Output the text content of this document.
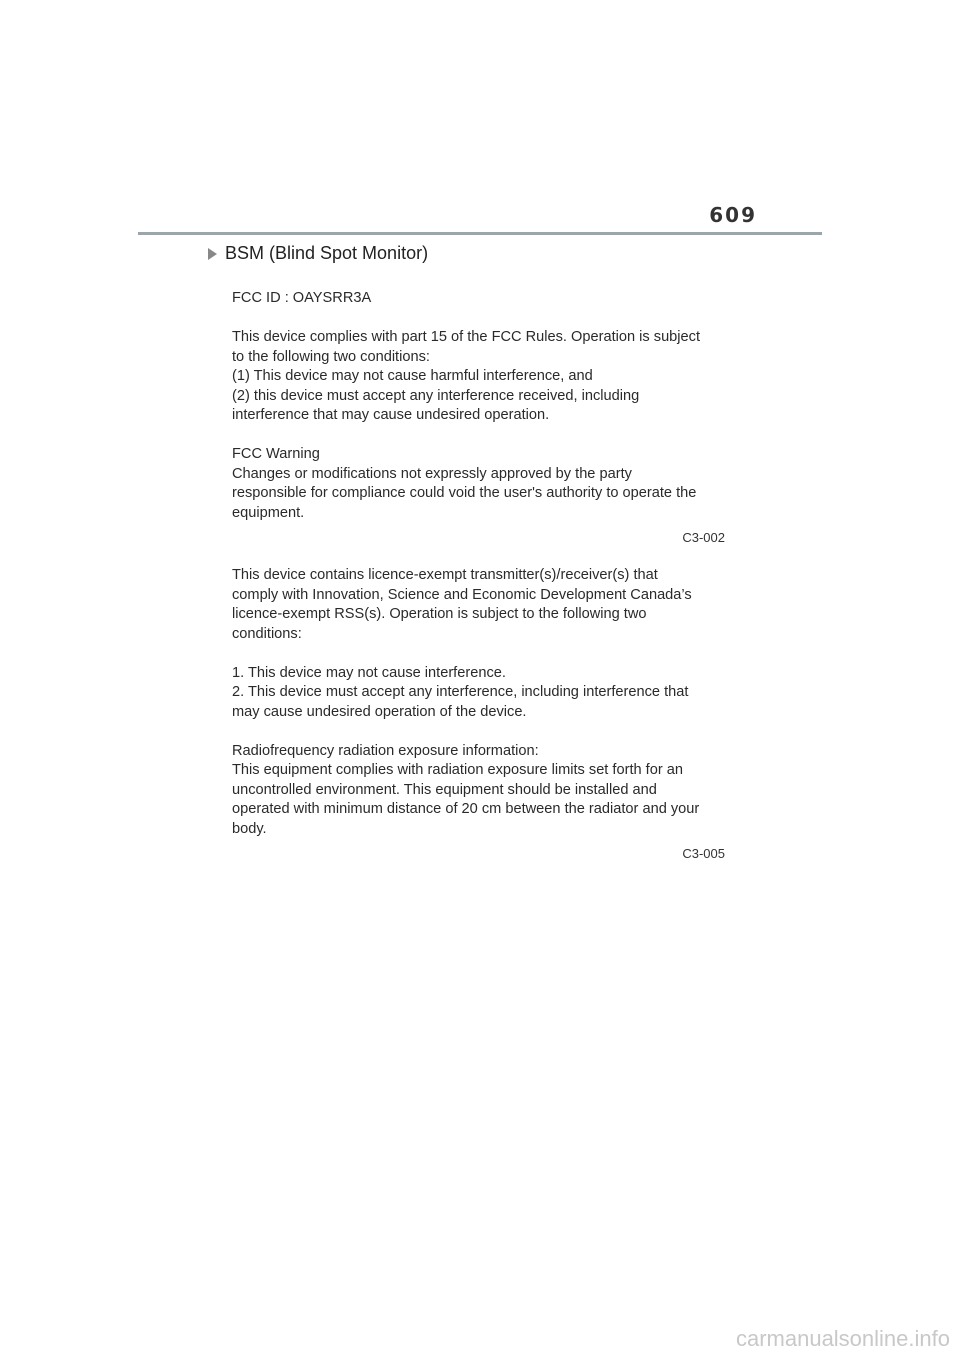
609
BSM (Blind Spot Monitor)

FCC ID : OAYSRR3A

This device complies with part 15 of the FCC Rules. Operation is subject

to the following two conditions:

(1) This device may not cause harmful interference, and

(2) this device must accept any interference received, including

interference that may cause undesired operation.

FCC Warning

Changes or modifications not expressly approved by the party

responsible for compliance could void the user's authority to operate the

equipment.

C3-002

This device contains licence-exempt transmitter(s)/receiver(s) that

comply with Innovation, Science and Economic Development Canada’s

licence-exempt RSS(s). Operation is subject to the following two

conditions:

1. This device may not cause interference.

2. This device must accept any interference, including interference that

may cause undesired operation of the device.

Radiofrequency radiation exposure information:

This equipment complies with radiation exposure limits set forth for an

uncontrolled environment. This equipment should be installed and

operated with minimum distance of 20 cm between the radiator and your

body.

C3-005
carmanualsonline.info
